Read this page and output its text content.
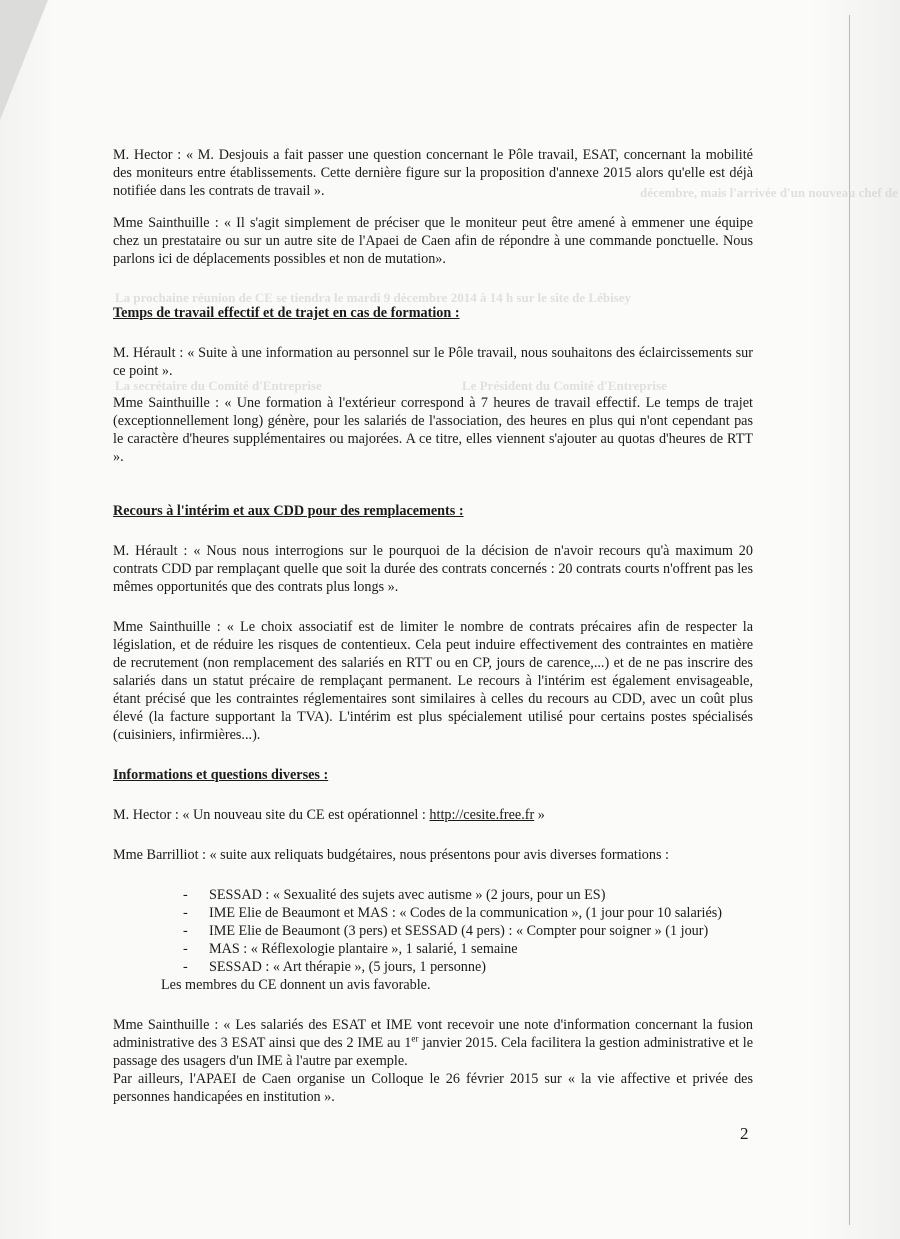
décembre, mais l'arrivée d'un nouveau chef de
La prochaine réunion de CE se tiendra le mardi 9 décembre 2014 à 14 h sur le site de Lébisey
La secrétaire du Comité d'Entreprise	Le Président du Comité d'Entreprise

M. Hector : « M. Desjouis a fait passer une question concernant le Pôle travail, ESAT, concernant la mobilité des moniteurs entre établissements. Cette dernière figure sur la proposition d'annexe 2015 alors qu'elle est déjà notifiée dans les contrats de travail ».

Mme Sainthuille : « Il s'agit simplement de préciser que le moniteur peut être amené à emmener une équipe chez un prestataire ou sur un autre site de l'Apaei de Caen afin de répondre à une commande ponctuelle. Nous parlons ici de déplacements possibles et non de mutation».

Temps de travail effectif et de trajet en cas de formation :

M. Hérault : « Suite à une information au personnel sur le Pôle travail, nous souhaitons des éclaircissements sur ce point ».

Mme Sainthuille : « Une formation à l'extérieur correspond à 7 heures de travail effectif. Le temps de trajet (exceptionnellement long) génère, pour les salariés de l'association, des heures en plus qui n'ont cependant pas le caractère d'heures supplémentaires ou majorées. A ce titre, elles viennent s'ajouter au quotas d'heures de RTT ».

Recours à l'intérim et aux CDD pour des remplacements :

M. Hérault : « Nous nous interrogions sur le pourquoi de la décision de n'avoir recours qu'à maximum 20 contrats CDD par remplaçant quelle que soit la durée des contrats concernés : 20 contrats courts n'offrent pas les mêmes opportunités que des contrats plus longs ».

Mme Sainthuille : « Le choix associatif est de limiter le nombre de contrats précaires afin de respecter la législation, et de réduire les risques de contentieux. Cela peut induire effectivement des contraintes en matière de recrutement (non remplacement des salariés en RTT ou en CP, jours de carence,...) et de ne pas inscrire des salariés dans un statut précaire de remplaçant permanent. Le recours à l'intérim est également envisageable, étant précisé que les contraintes réglementaires sont similaires à celles du recours au CDD, avec un coût plus élevé (la facture supportant la TVA). L'intérim est plus spécialement utilisé pour certains postes spécialisés (cuisiniers, infirmières...).

Informations et questions diverses :

M. Hector : « Un nouveau site du CE est opérationnel : http://cesite.free.fr »

Mme Barrilliot : « suite aux reliquats budgétaires, nous présentons pour avis diverses formations :

- SESSAD : « Sexualité des sujets avec autisme » (2 jours, pour un ES)
- IME Elie de Beaumont et MAS : « Codes de la communication », (1 jour pour 10 salariés)
- IME Elie de Beaumont (3 pers) et SESSAD (4 pers) : « Compter pour soigner » (1 jour)
- MAS : « Réflexologie plantaire », 1 salarié, 1 semaine
- SESSAD : « Art thérapie », (5 jours, 1 personne)

Les membres du CE donnent un avis favorable.

Mme Sainthuille : « Les salariés des ESAT et IME vont recevoir une note d'information concernant la fusion administrative des 3 ESAT ainsi que des 2 IME au 1er janvier 2015. Cela facilitera la gestion administrative et le passage des usagers d'un IME à l'autre par exemple.

Par ailleurs, l'APAEI de Caen organise un Colloque le 26 février 2015 sur « la vie affective et privée des personnes handicapées en institution ».

2
